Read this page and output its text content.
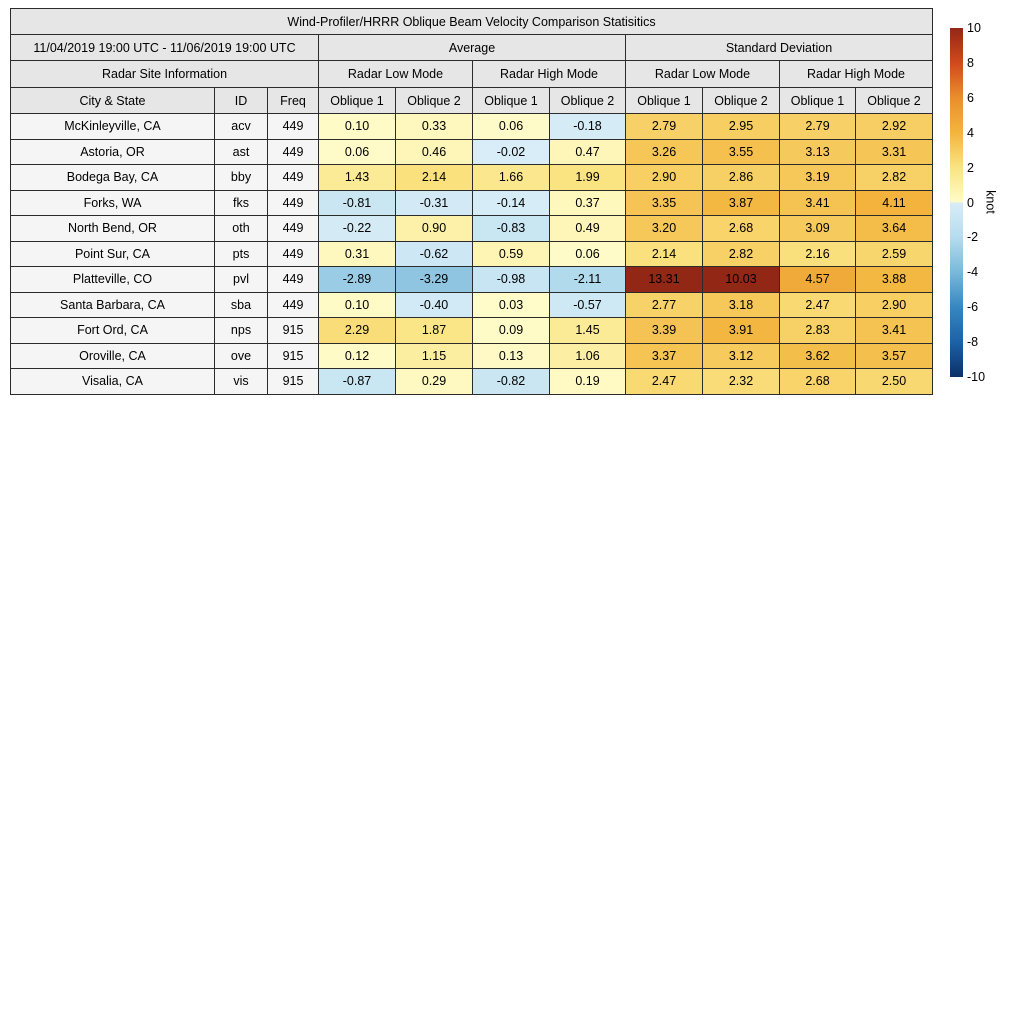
Wind-Profiler/HRRR Oblique Beam Velocity Comparison Statisitics										
11/04/2019 19:00 UTC - 11/06/2019 19:00 UTC			Average				Standard Deviation			
Radar Site Information			Radar Low Mode		Radar High Mode		Radar Low Mode		Radar High Mode	
City & State	ID	Freq	Oblique 1	Oblique 2	Oblique 1	Oblique 2	Oblique 1	Oblique 2	Oblique 1	Oblique 2
McKinleyville, CA	acv	449	0.10	0.33	0.06	-0.18	2.79	2.95	2.79	2.92
Astoria, OR	ast	449	0.06	0.46	-0.02	0.47	3.26	3.55	3.13	3.31
Bodega Bay, CA	bby	449	1.43	2.14	1.66	1.99	2.90	2.86	3.19	2.82
Forks, WA	fks	449	-0.81	-0.31	-0.14	0.37	3.35	3.87	3.41	4.11
North Bend, OR	oth	449	-0.22	0.90	-0.83	0.49	3.20	2.68	3.09	3.64
Point Sur, CA	pts	449	0.31	-0.62	0.59	0.06	2.14	2.82	2.16	2.59
Platteville, CO	pvl	449	-2.89	-3.29	-0.98	-2.11	13.31	10.03	4.57	3.88
Santa Barbara, CA	sba	449	0.10	-0.40	0.03	-0.57	2.77	3.18	2.47	2.90
Fort Ord, CA	nps	915	2.29	1.87	0.09	1.45	3.39	3.91	2.83	3.41
Oroville, CA	ove	915	0.12	1.15	0.13	1.06	3.37	3.12	3.62	3.57
Visalia, CA	vis	915	-0.87	0.29	-0.82	0.19	2.47	2.32	2.68	2.50
10
8
6
4
2
0
-2
-4
-6
-8
-10
knot
